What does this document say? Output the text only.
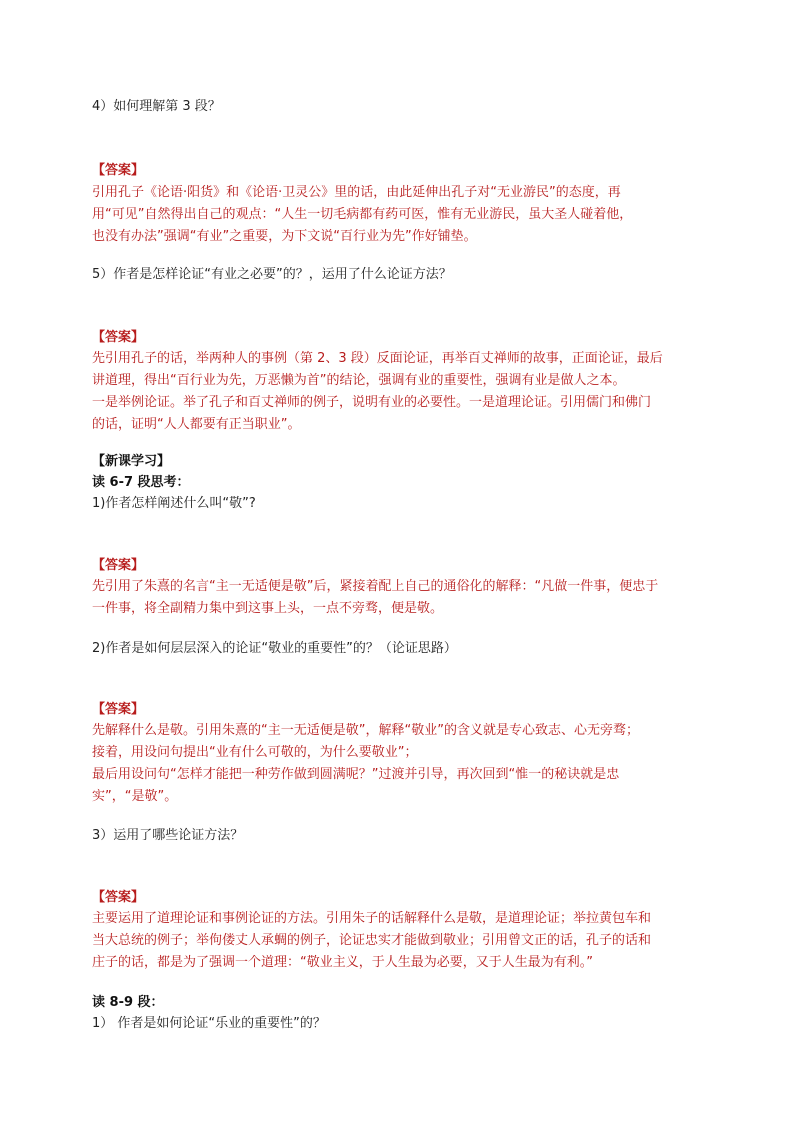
4）如何理解第 3 段？
【答案】
引用孔子《论语·阳货》和《论语·卫灵公》里的话，由此延伸出孔子对“无业游民”的态度，再
用“可见”自然得出自己的观点：“人生一切毛病都有药可医，惟有无业游民，虽大圣人碰着他，
也没有办法”强调“有业”之重要，为下文说“百行业为先”作好铺垫。
5）作者是怎样论证“有业之必要”的？，运用了什么论证方法？
【答案】
先引用孔子的话，举两种人的事例（第 2、3 段）反面论证，再举百丈禅师的故事，正面论证，最后
讲道理，得出“百行业为先，万恶懒为首”的结论，强调有业的重要性，强调有业是做人之本。
一是举例论证。举了孔子和百丈禅师的例子，说明有业的必要性。一是道理论证。引用儒门和佛门
的话，证明“人人都要有正当职业”。
【新课学习】
读 6-7 段思考：
1)作者怎样阐述什么叫“敬”?
【答案】
先引用了朱熹的名言“主一无适便是敬”后，紧接着配上自己的通俗化的解释：“凡做一件事，便忠于
一件事，将全副精力集中到这事上头，一点不旁骛，便是敬。
2)作者是如何层层深入的论证“敬业的重要性”的？（论证思路）
【答案】
先解释什么是敬。引用朱熹的“主一无适便是敬”，解释“敬业”的含义就是专心致志、心无旁骛；
接着，用设问句提出“业有什么可敬的，为什么要敬业”；
最后用设问句“怎样才能把一种劳作做到圆满呢？”过渡并引导，再次回到“惟一的秘诀就是忠
实”，“是敬”。
3）运用了哪些论证方法？
【答案】
主要运用了道理论证和事例论证的方法。引用朱子的话解释什么是敬，是道理论证；举拉黄包车和
当大总统的例子；举佝偻丈人承蜩的例子，论证忠实才能做到敬业；引用曾文正的话，孔子的话和
庄子的话，都是为了强调一个道理：“敬业主义，于人生最为必要，又于人生最为有利。”
读 8-9 段：
1） 作者是如何论证“乐业的重要性”的？
